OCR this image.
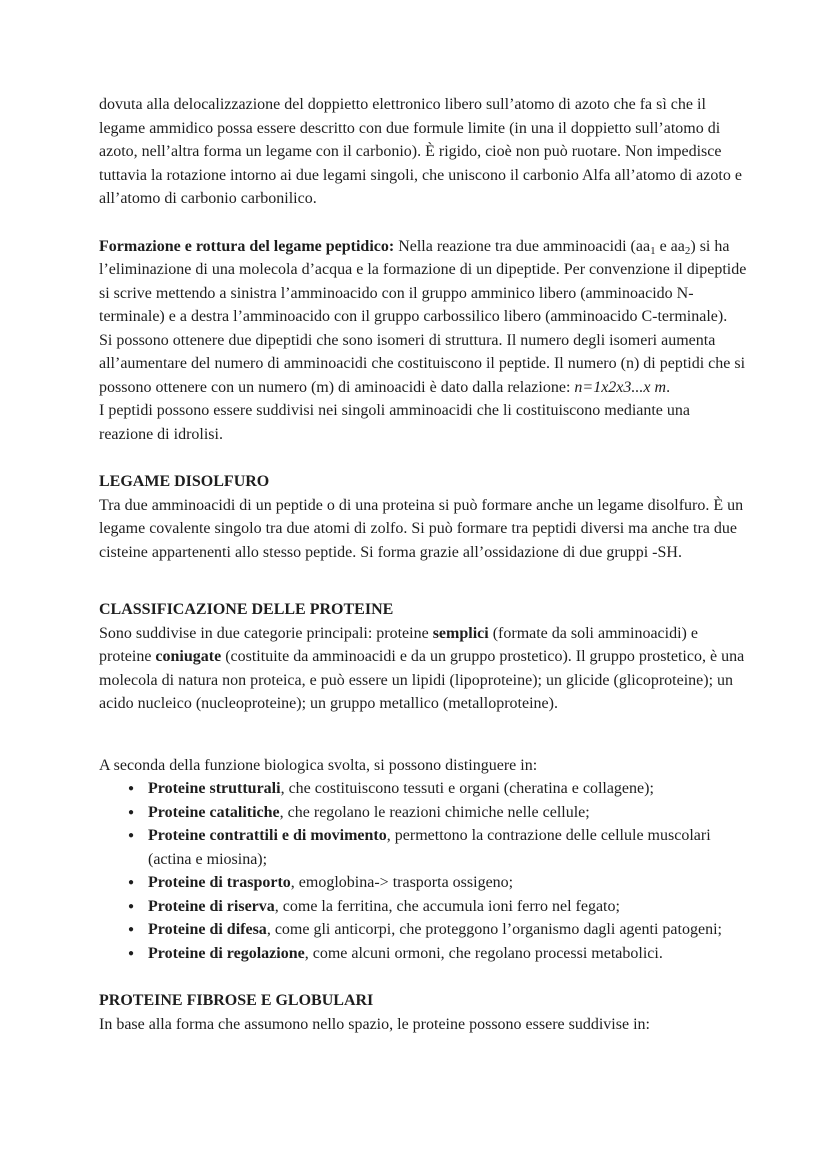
dovuta alla delocalizzazione del doppietto elettronico libero sull’atomo di azoto che fa sì che il legame ammidico possa essere descritto con due formule limite (in una il doppietto sull’atomo di azoto, nell’altra forma un legame con il carbonio). È rigido, cioè non può ruotare. Non impedisce tuttavia la rotazione intorno ai due legami singoli, che uniscono il carbonio Alfa all’atomo di azoto e all’atomo di carbonio carbonilico.

Formazione e rottura del legame peptidico: Nella reazione tra due amminoacidi ($aa_1$ e $aa_2$) si ha l’eliminazione di una molecola d’acqua e la formazione di un dipeptide. Per convenzione il dipeptide si scrive mettendo a sinistra l’amminoacido con il gruppo amminico libero (amminoacido N-terminale) e a destra l’amminoacido con il gruppo carbossilico libero (amminoacido C-terminale).

Si possono ottenere due dipeptidi che sono isomeri di struttura. Il numero degli isomeri aumenta all’aumentare del numero di amminoacidi che costituiscono il peptide. Il numero (n) di peptidi che si possono ottenere con un numero (m) di aminoacidi è dato dalla relazione: n=1x2x3...x m.
I peptidi possono essere suddivisi nei singoli amminoacidi che li costituiscono mediante una reazione di idrolisi.

LEGAME DISOLFURO

Tra due amminoacidi di un peptide o di una proteina si può formare anche un legame disolfuro. È un legame covalente singolo tra due atomi di zolfo. Si può formare tra peptidi diversi ma anche tra due cisteine appartenenti allo stesso peptide. Si forma grazie all’ossidazione di due gruppi -SH.

CLASSIFICAZIONE DELLE PROTEINE

Sono suddivise in due categorie principali: proteine semplici (formate da soli amminoacidi) e proteine coniugate (costituite da amminoacidi e da un gruppo prostetico). Il gruppo prostetico, è una molecola di natura non proteica, e può essere un lipidi (lipoproteine); un glicide (glicoproteine); un acido nucleico (nucleoproteine); un gruppo metallico (metalloproteine).

A seconda della funzione biologica svolta, si possono distinguere in:

● Proteine strutturali, che costituiscono tessuti e organi (cheratina e collagene);
● Proteine catalitiche, che regolano le reazioni chimiche nelle cellule;
● Proteine contrattili e di movimento, permettono la contrazione delle cellule muscolari (actina e miosina);
● Proteine di trasporto, emoglobina-> trasporta ossigeno;
● Proteine di riserva, come la ferritina, che accumula ioni ferro nel fegato;
● Proteine di difesa, come gli anticorpi, che proteggono l’organismo dagli agenti patogeni;
● Proteine di regolazione, come alcuni ormoni, che regolano processi metabolici.
PROTEINE FIBROSE E GLOBULARI

In base alla forma che assumono nello spazio, le proteine possono essere suddivise in:
